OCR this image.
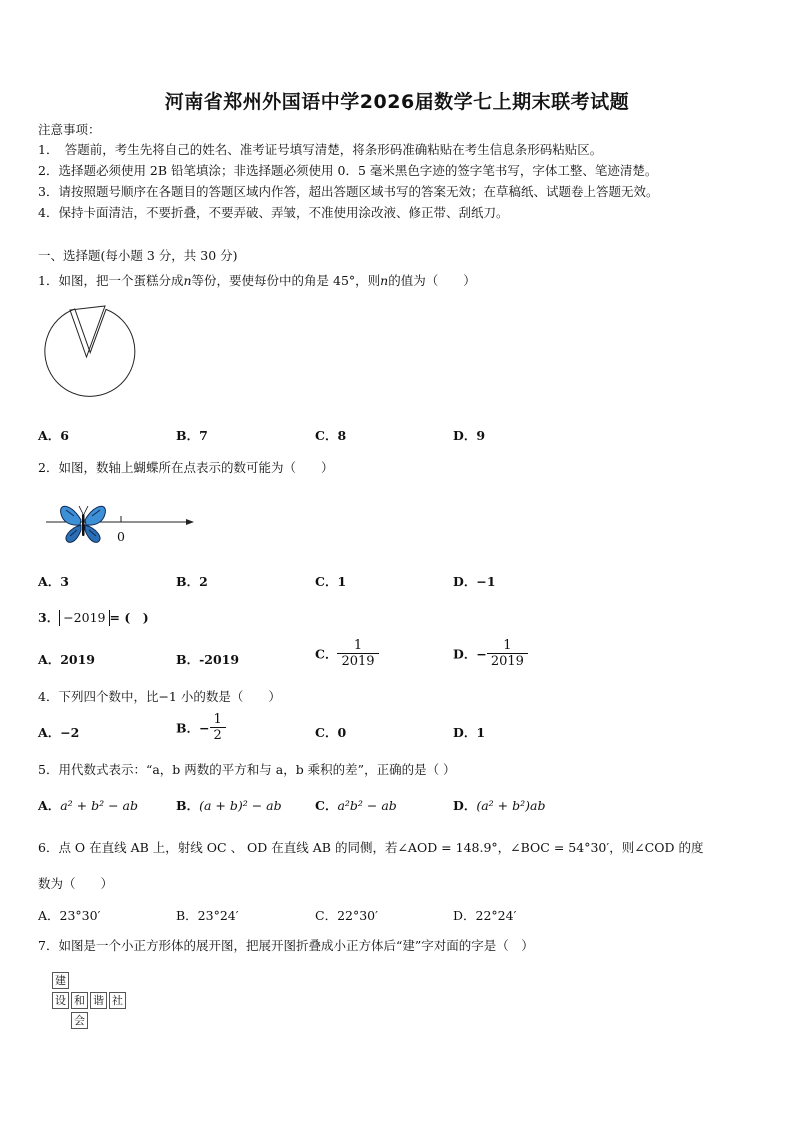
河南省郑州外国语中学2026届数学七上期末联考试题
注意事项：
1．　答题前，考生先将自己的姓名、准考证号填写清楚，将条形码准确粘贴在考生信息条形码粘贴区。
2．选择题必须使用 2B 铅笔填涂；非选择题必须使用 0．5 毫米黑色字迹的签字笔书写，字体工整、笔迹清楚。
3．请按照题号顺序在各题目的答题区域内作答，超出答题区域书写的答案无效；在草稿纸、试题卷上答题无效。
4．保持卡面清洁，不要折叠，不要弄破、弄皱，不准使用涂改液、修正带、刮纸刀。
一、选择题(每小题 3 分，共 30 分)
1．如图，把一个蛋糕分成n等份，要使每份中的角是 45°，则n的值为（　　）
A．6	B．7	C．8	D．9
2．如图，数轴上蝴蝶所在点表示的数可能为（　　）
0
A．3	B．2	C．1	D．−1
3． −2019 = (　)
A．2019	B．-2019	C． $\frac{1}{2019}$	D．− $\frac{1}{2019}$
4．下列四个数中，比−1 小的数是（　　）
A．−2	B．− $\frac{1}{2}$	C．0	D．1
5．用代数式表示：“a，b 两数的平方和与 a，b 乘积的差”，正确的是（ ）
A．a² + b² − ab	B．(a + b)² − ab	C．a²b² − ab	D．(a² + b²)ab
6．点 O 在直线 AB 上，射线 OC 、 OD 在直线 AB 的同侧，若∠AOD = 148.9°，∠BOC = 54°30′，则∠COD 的度
数为（　　）
A．23°30′	B．23°24′	C．22°30′	D．22°24′
7．如图是一个小正方形体的展开图，把展开图折叠成小正方体后“建”字对面的字是（　）
建
设 和 谐 社
会
